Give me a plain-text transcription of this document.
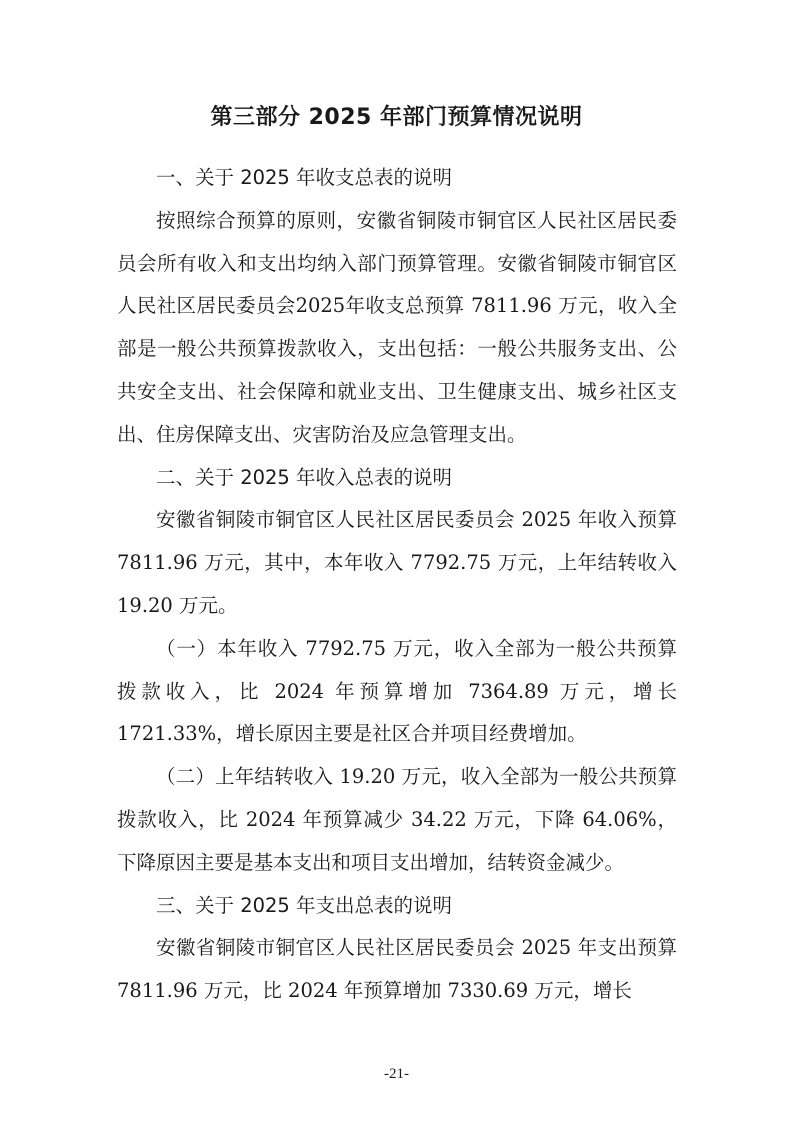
第三部分 2025 年部门预算情况说明
一、关于 2025 年收支总表的说明

按照综合预算的原则，安徽省铜陵市铜官区人民社区居民委员会所有收入和支出均纳入部门预算管理。安徽省铜陵市铜官区人民社区居民委员会2025年收支总预算 7811.96 万元，收入全部是一般公共预算拨款收入，支出包括：一般公共服务支出、公共安全支出、社会保障和就业支出、卫生健康支出、城乡社区支出、住房保障支出、灾害防治及应急管理支出。

二、关于 2025 年收入总表的说明

安徽省铜陵市铜官区人民社区居民委员会 2025 年收入预算 7811.96 万元，其中，本年收入 7792.75 万元，上年结转收入 19.20 万元。

（一）本年收入 7792.75 万元，收入全部为一般公共预算拨款收入，比 2024 年预算增加 7364.89 万元，增长1721.33%，增长原因主要是社区合并项目经费增加。

（二）上年结转收入 19.20 万元，收入全部为一般公共预算拨款收入，比 2024 年预算减少 34.22 万元，下降 64.06%，下降原因主要是基本支出和项目支出增加，结转资金减少。

三、关于 2025 年支出总表的说明

安徽省铜陵市铜官区人民社区居民委员会 2025 年支出预算 7811.96 万元，比 2024 年预算增加 7330.69 万元，增长

-21-
